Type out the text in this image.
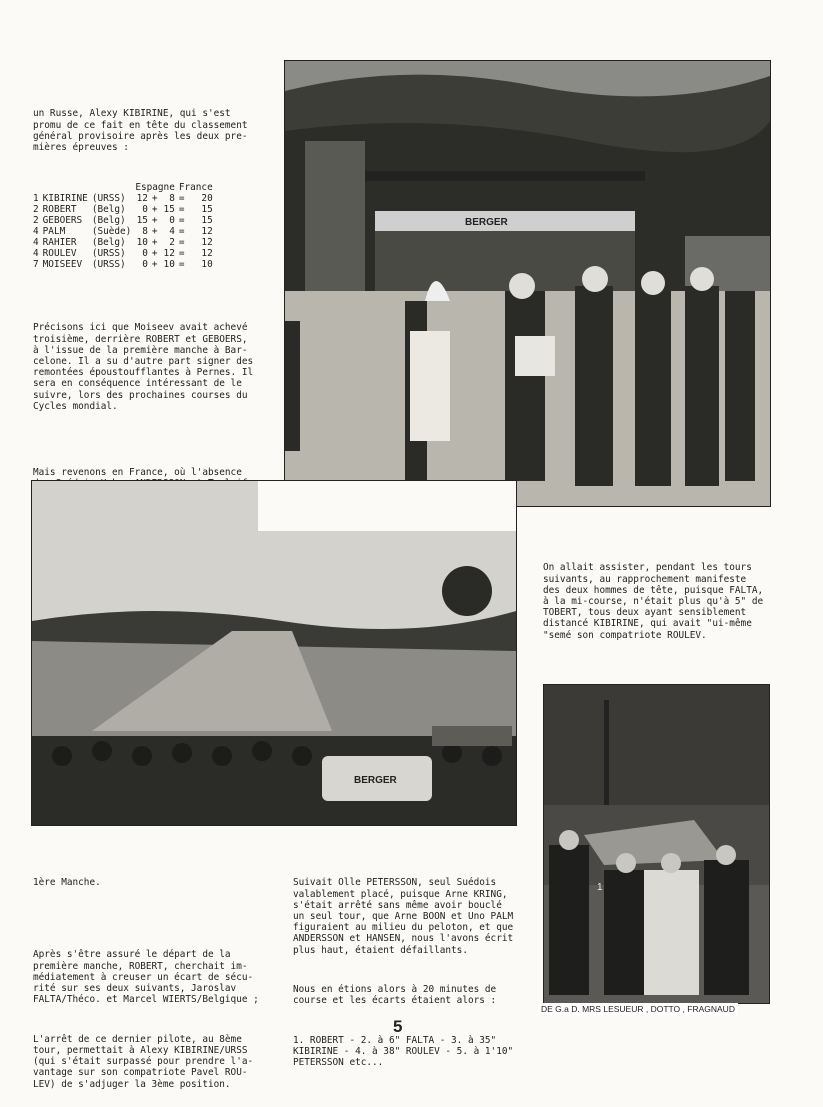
un Russe, Alexy KIBIRINE, qui s'est
promu de ce fait en tête du classement
général provisoire après les deux pre-
mières épreuves :

			Espagne			France	
1	KIBIRINE	(URSS)	12	+	8	=	20
2	ROBERT	(Belg)	0	+	15	=	15
2	GEBOERS	(Belg)	15	+	0	=	15
4	PALM	(Suède)	8	+	4	=	12
4	RAHIER	(Belg)	10	+	2	=	12
4	ROULEV	(URSS)	0	+	12	=	12
7	MOISEEV	(URSS)	0	+	10	=	10

Précisons ici que Moiseev avait achevé
troisième, derrière ROBERT et GEBOERS,
à l'issue de la première manche à Bar-
celone. Il a su d'autre part signer des
remontées époustoufflantes à Pernes. Il
sera en conséquence intéressant de le
suivre, lors des prochaines courses du
Cycles mondial.

Mais revenons en France, où l'absence

BERGER
BERGER

On allait assister, pendant les tours
suivants, au rapprochement manifeste
des deux hommes de tête, puisque FALTA,
à la mi-course, n'était plus qu'à 5" de
TOBERT, tous deux ayant sensiblement
distancé KIBIRINE, qui avait "ui-même
"semé son compatriote ROULEV.

1
DE G.a D. MRS LESUEUR , DOTTO , FRAGNAUD

1ère Manche.

Après s'être assuré le départ de la
première manche, ROBERT, cherchait im-
médiatement à creuser un écart de sécu-
rité sur ses deux suivants, Jaroslav
FALTA/Théco. et Marcel WIERTS/Belgique ;

L'arrêt de ce dernier pilote, au 8ème
tour, permettait à Alexy KIBIRINE/URSS
(qui s'était surpassé pour prendre l'a-
vantage sur son compatriote Pavel ROU-
LEV) de s'adjuger la 3ème position.

Suivait Olle PETERSSON, seul Suédois
valablement placé, puisque Arne KRING,
s'était arrêté sans même avoir bouclé
un seul tour, que Arne BOON et Uno PALM
figuraient au milieu du peloton, et que
ANDERSSON et HANSEN, nous l'avons écrit
plus haut, étaient défaillants.

Nous en étions alors à 20 minutes de
course et les écarts étaient alors :

1. ROBERT - 2. à 6" FALTA - 3. à 35"
KIBIRINE - 4. à 38" ROULEV - 5. à 1'10"
PETERSSON etc...

5
